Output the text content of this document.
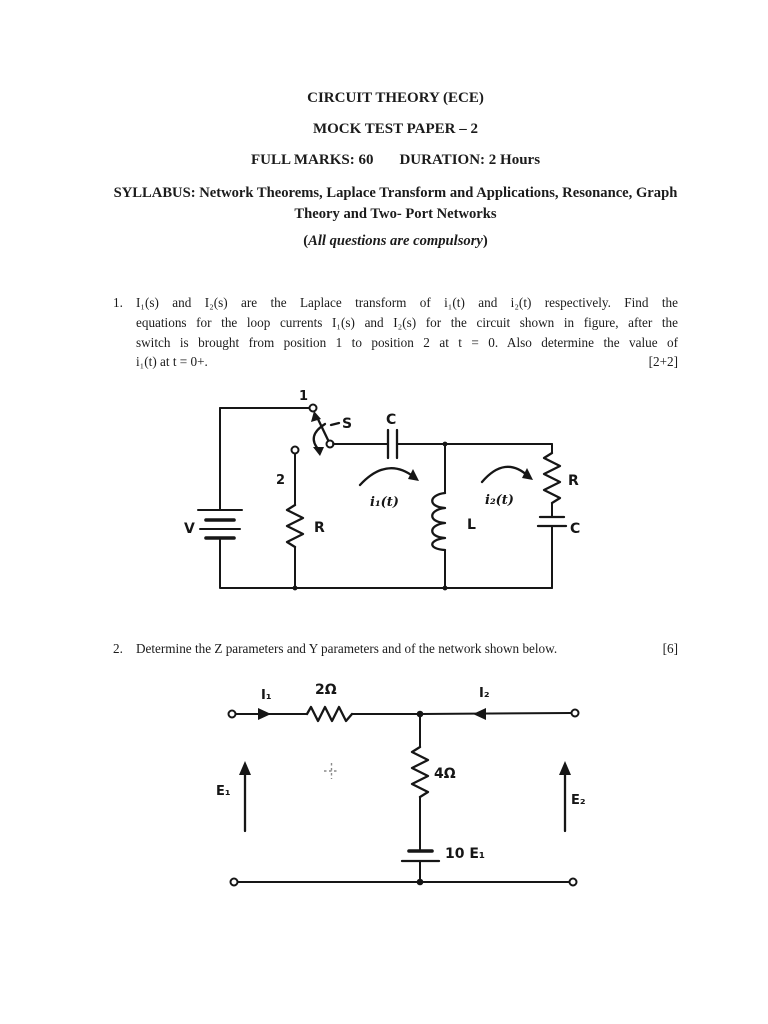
CIRCUIT THEORY (ECE)
MOCK TEST PAPER – 2
FULL MARKS: 60 DURATION: 2 Hours
SYLLABUS: Network Theorems, Laplace Transform and Applications, Resonance, Graph
Theory and Two- Port Networks
(All questions are compulsory)
1. I₁(s) and I₂(s) are the Laplace transform of i₁(t) and i₂(t) respectively. Find the
equations for the loop currents I₁(s) and I₂(s) for the circuit shown in figure, after the
switch is brought from position 1 to position 2 at t = 0. Also determine the value of
i₁(t) at t = 0+.	[2+2]
V
1
S
2
R
C
L
R
C
i₁(t)	i₂(t)
2. Determine the Z parameters and Y parameters and of the network shown below.	[6]
I₁	2Ω	I₂
4Ω
10 E₁
E₁
E₂
